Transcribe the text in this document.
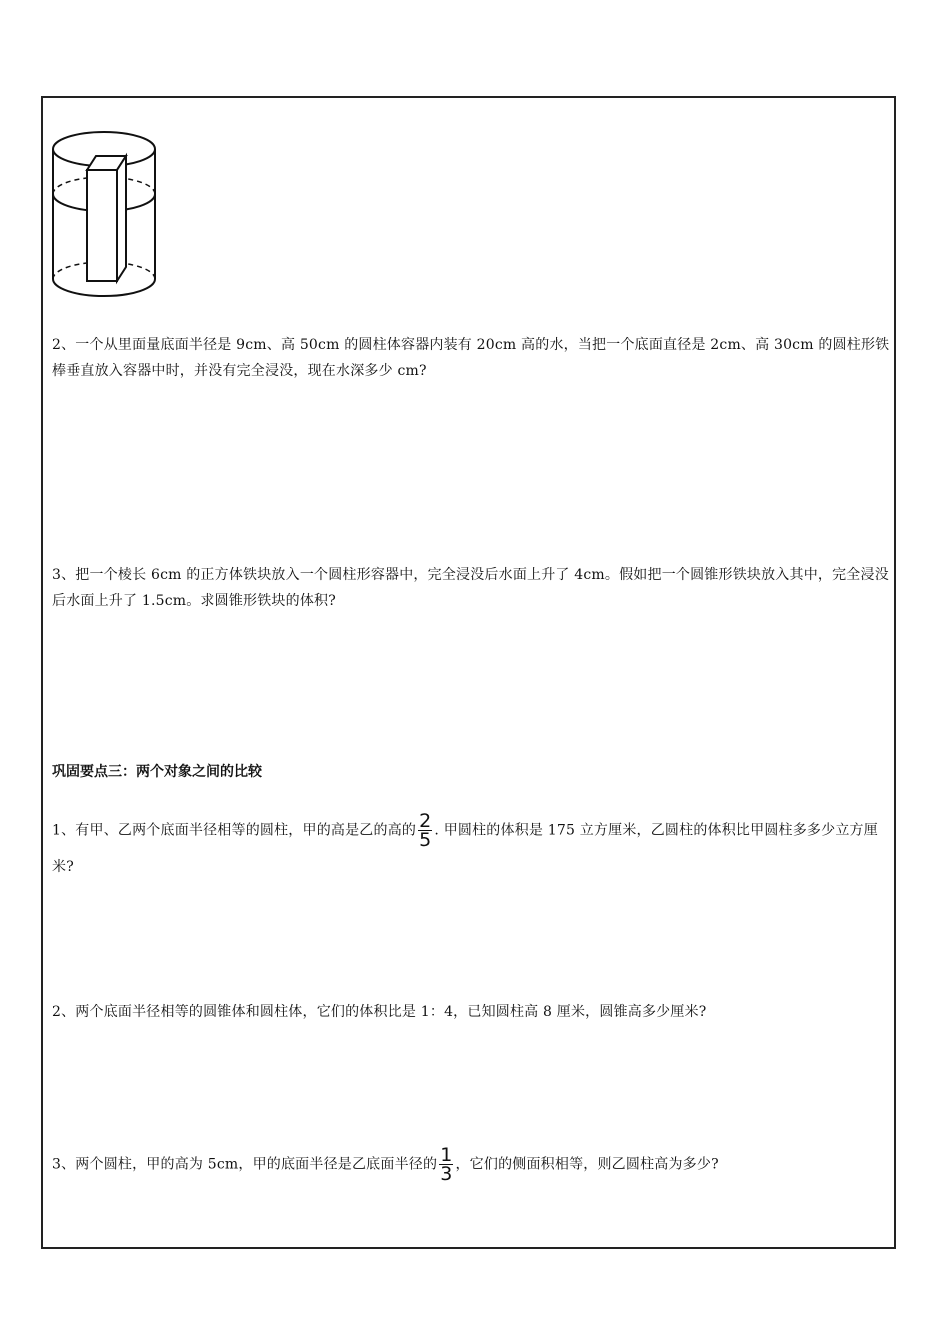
2、一个从里面量底面半径是 9cm、高 50cm 的圆柱体容器内装有 20cm 高的水，当把一个底面直径是 2cm、高 30cm 的圆柱形铁棒垂直放入容器中时，并没有完全浸没，现在水深多少 cm?
3、把一个棱长 6cm 的正方体铁块放入一个圆柱形容器中，完全浸没后水面上升了 4cm。假如把一个圆锥形铁块放入其中，完全浸没后水面上升了 1.5cm。求圆锥形铁块的体积?
巩固要点三：两个对象之间的比较
1、有甲、乙两个底面半径相等的圆柱，甲的高是乙的高的 $\frac{2}{5}$ . 甲圆柱的体积是 175 立方厘米，乙圆柱的体积比甲圆柱多多少立方厘米?
2、两个底面半径相等的圆锥体和圆柱体，它们的体积比是 1：4，已知圆柱高 8 厘米，圆锥高多少厘米?
3、两个圆柱，甲的高为 5cm，甲的底面半径是乙底面半径的 $\frac{1}{3}$ ，它们的侧面积相等，则乙圆柱高为多少?
